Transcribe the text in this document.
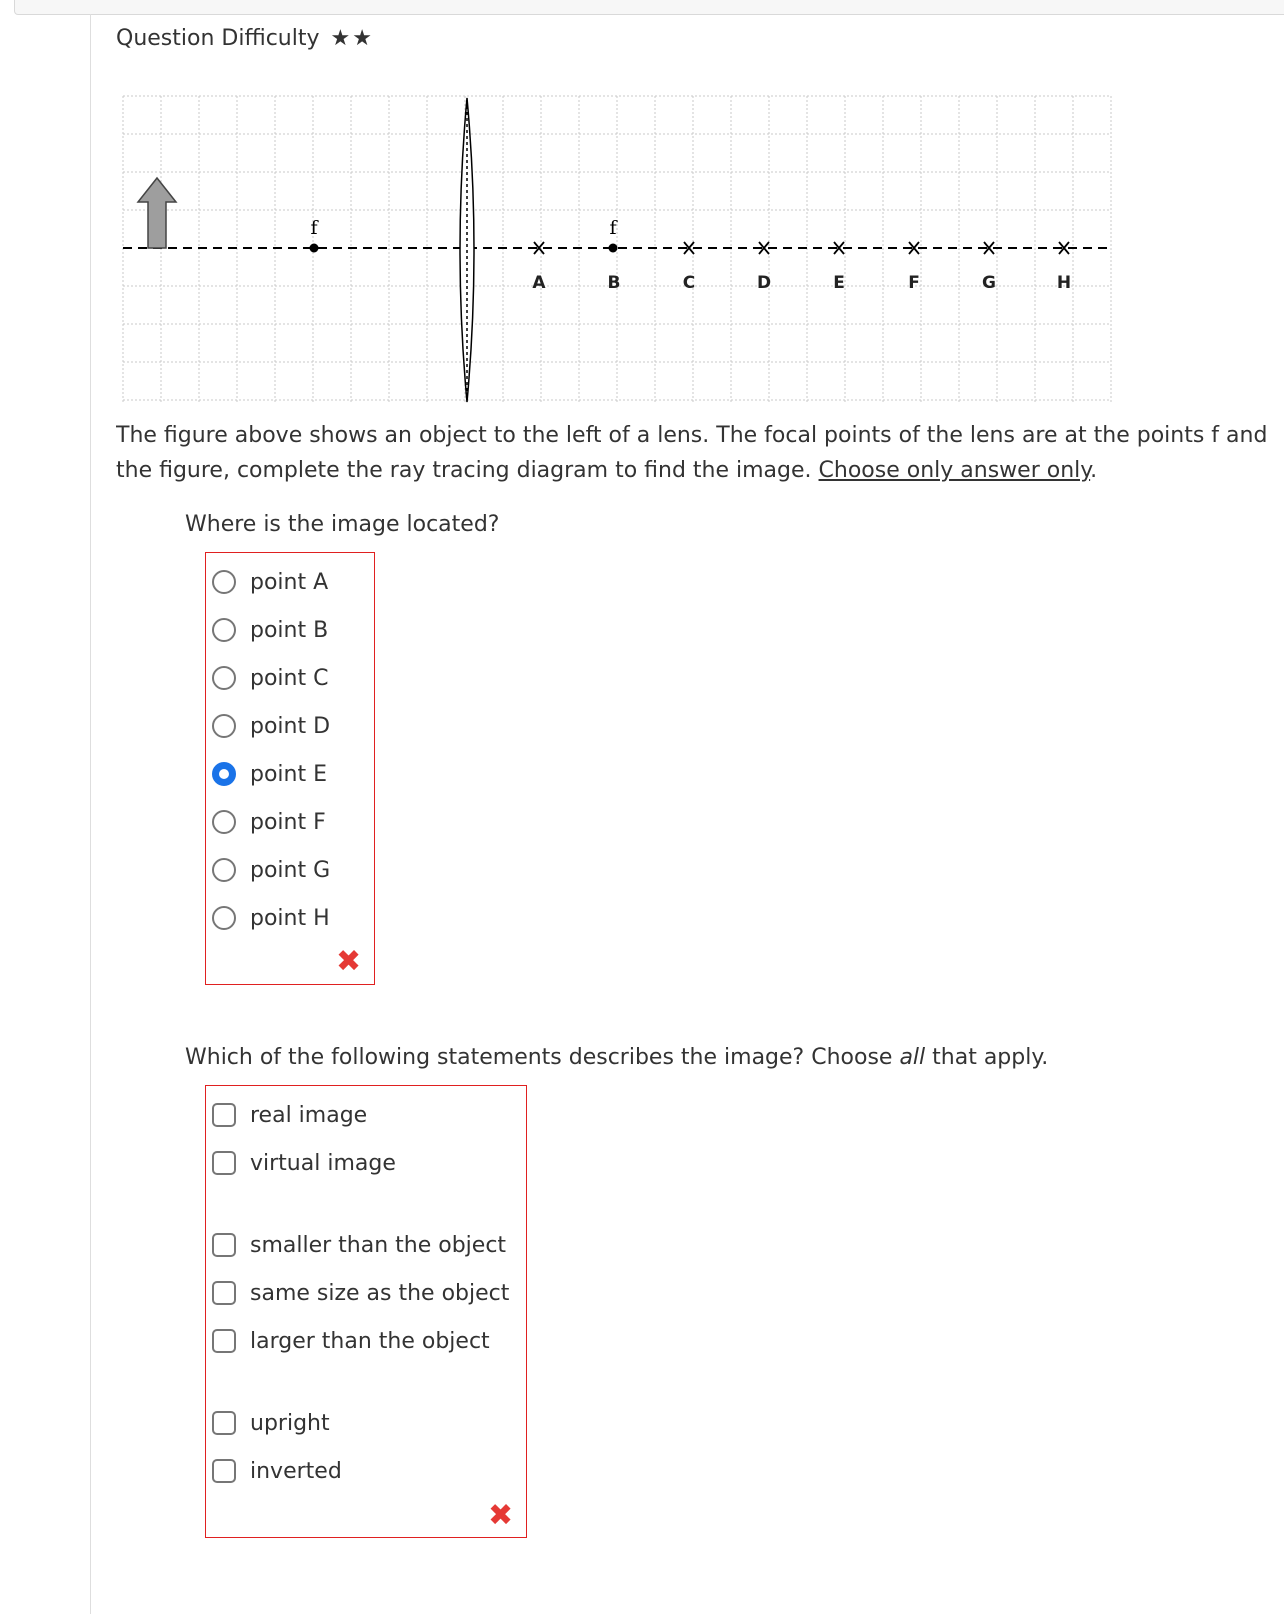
Question Difficulty ★★
f	f
A	B	C	D	E	F	G	H
The figure above shows an object to the left of a lens. The focal points of the lens are at the points f and
the figure, complete the ray tracing diagram to find the image. Choose only answer only.
Where is the image located?
point A
point B
point C
point D
point E
point F
point G
point H
✖
Which of the following statements describes the image? Choose all that apply.
real image
virtual image
smaller than the object
same size as the object
larger than the object
upright
inverted
✖
